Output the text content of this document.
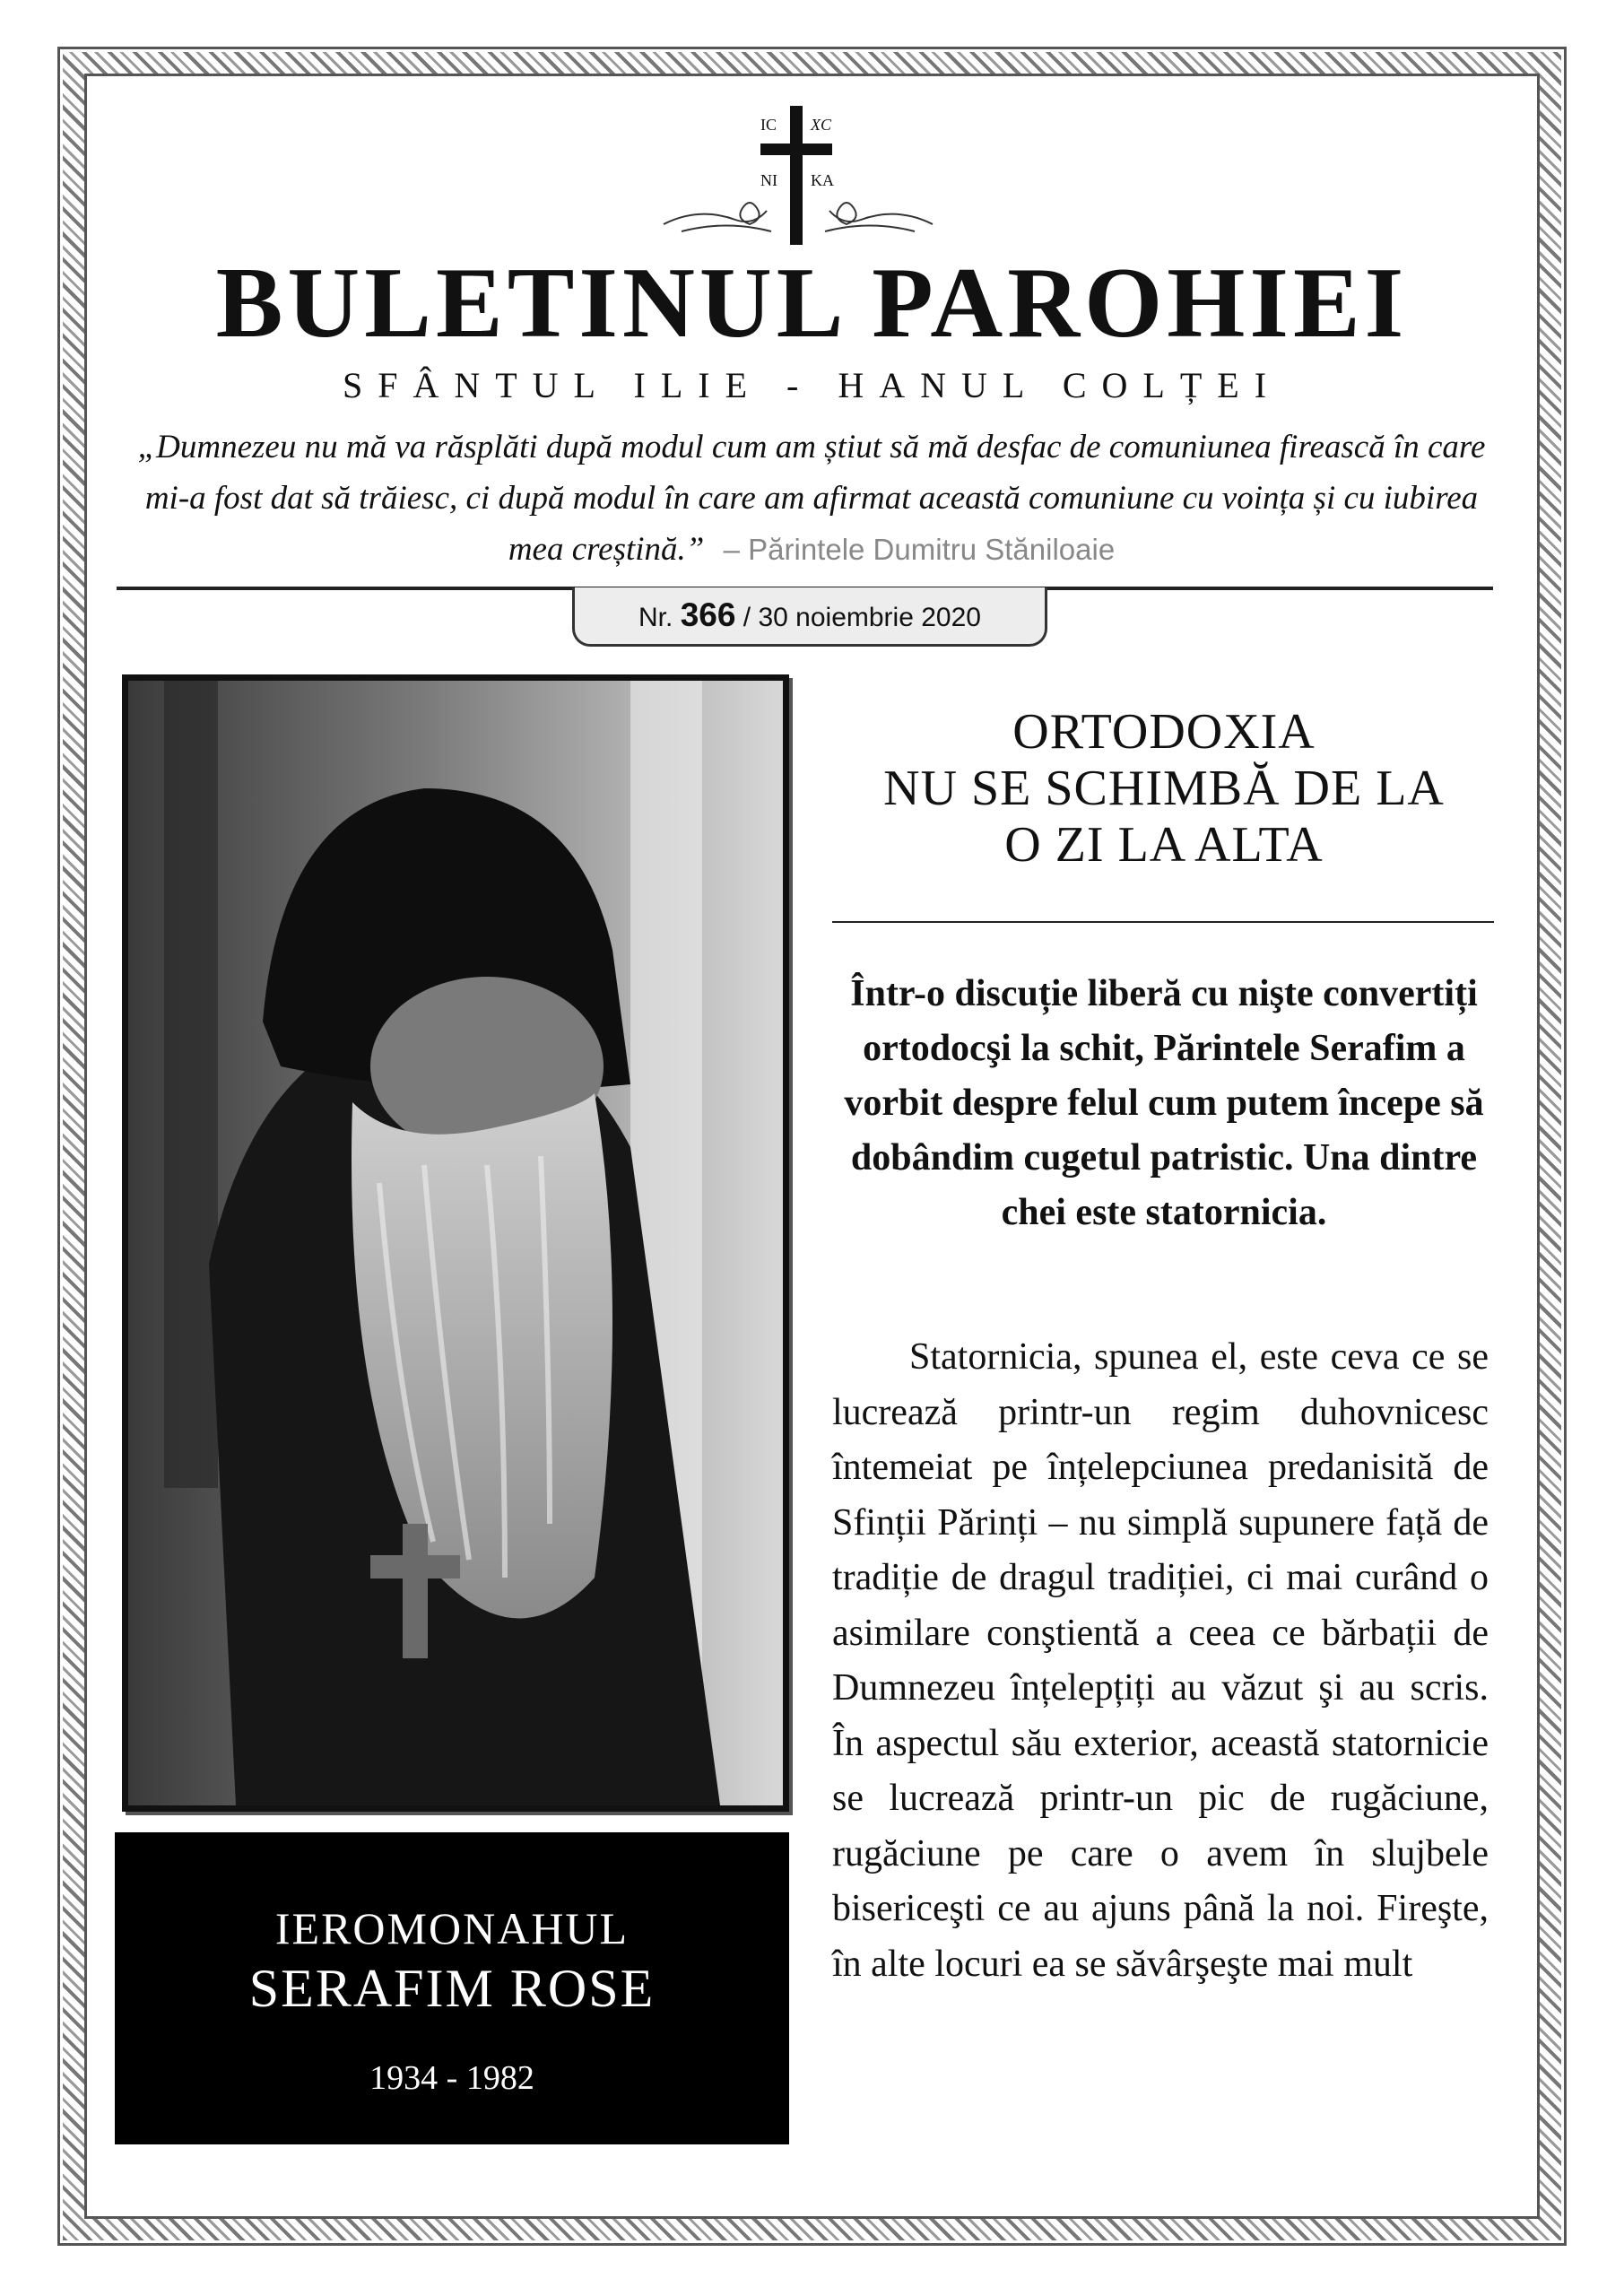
IC XC
NI KA
BULETINUL PAROHIEI
SFÂNTUL ILIE - HANUL COLȚEI
„Dumnezeu nu mă va răsplăti după modul cum am știut să mă desfac de comuniunea firească în care mi-a fost dat să trăiesc, ci după modul în care am afirmat această comuniune cu voința și cu iubirea mea creștină.” – Părintele Dumitru Stăniloaie
Nr. 366 / 30 noiembrie 2020
IEROMONAHUL
SERAFIM ROSE
1934 - 1982
ORTODOXIA
NU SE SCHIMBĂ DE LA
O ZI LA ALTA
Într-o discuție liberă cu nişte convertiți ortodocşi la schit, Părintele Serafim a vorbit despre felul cum putem începe să dobândim cugetul patristic. Una dintre chei este statornicia.

Statornicia, spunea el, este ceva ce se lucrează printr-un regim duhovnicesc întemeiat pe înțelepciunea predanisită de Sfinții Părinți – nu simplă supunere față de tradiție de dragul tradiției, ci mai curând o asimilare conştientă a ceea ce bărbații de Dumnezeu înțelepțiți au văzut şi au scris. În aspectul său exterior, această statornicie se lucrează printr-un pic de rugăciune, rugăciune pe care o avem în slujbele bisericeşti ce au ajuns până la noi. Fireşte, în alte locuri ea se săvârşeşte mai mult
